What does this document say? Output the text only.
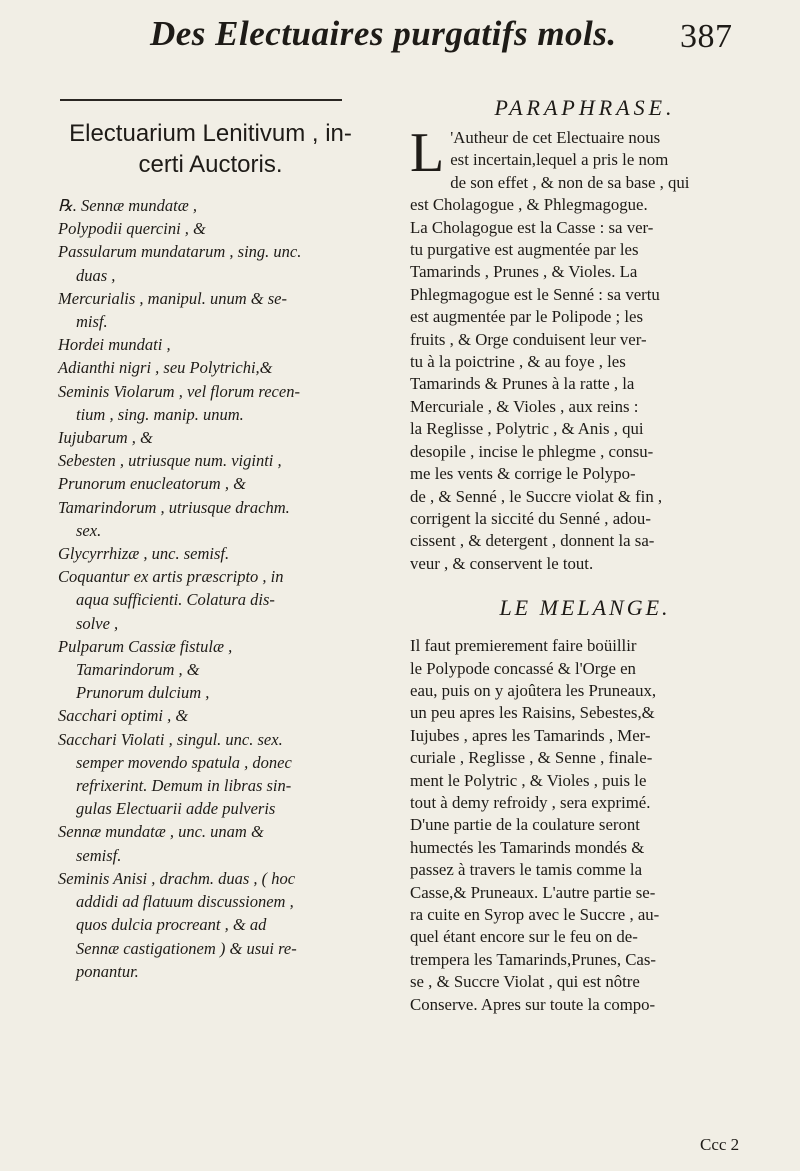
Des Electuaires purgatifs mols. 387
Electuarium Lenitivum , in-
certi Auctoris.
℞. Sennæ mundatæ ,
Polypodii quercini , &
Passularum mundatarum , sing. unc.
duas ,
Mercurialis , manipul. unum & se-
misf.
Hordei mundati ,
Adianthi nigri , seu Polytrichi,&
Seminis Violarum , vel florum recen-
tium , sing. manip. unum.
Iujubarum , &
Sebesten , utriusque num. viginti ,
Prunorum enucleatorum , &
Tamarindorum , utriusque drachm.
sex.
Glycyrrhizæ , unc. semisf.
Coquantur ex artis præscripto , in
aqua sufficienti. Colatura dis-
solve ,
Pulparum Cassiæ fistulæ ,
Tamarindorum , &
Prunorum dulcium ,
Sacchari optimi , &
Sacchari Violati , singul. unc. sex.
semper movendo spatula , donec
refrixerint. Demum in libras sin-
gulas Electuarii adde pulveris
Sennæ mundatæ , unc. unam &
semisf.
Seminis Anisi , drachm. duas , ( hoc
addidi ad flatuum discussionem ,
quos dulcia procreant , & ad
Sennæ castigationem ) & usui re-
ponantur.
PARAPHRASE.
L 'Autheur de cet Electuaire nous
est incertain,lequel a pris le nom
de son effet , & non de sa base , qui
est Cholagogue , & Phlegmagogue.
La Cholagogue est la Casse : sa ver-
tu purgative est augmentée par les
Tamarinds , Prunes , & Violes. La
Phlegmagogue est le Senné : sa vertu
est augmentée par le Polipode ; les
fruits , & Orge conduisent leur ver-
tu à la poictrine , & au foye , les
Tamarinds & Prunes à la ratte , la
Mercuriale , & Violes , aux reins :
la Reglisse , Polytric , & Anis , qui
desopile , incise le phlegme , consu-
me les vents & corrige le Polypo-
de , & Senné , le Succre violat & fin ,
corrigent la siccité du Senné , adou-
cissent , & detergent , donnent la sa-
veur , & conservent le tout.
LE MELANGE.
Il faut premierement faire boüillir
le Polypode concassé & l'Orge en
eau, puis on y ajoûtera les Pruneaux,
un peu apres les Raisins, Sebestes,&
Iujubes , apres les Tamarinds , Mer-
curiale , Reglisse , & Senne , finale-
ment le Polytric , & Violes , puis le
tout à demy refroidy , sera exprimé.
D'une partie de la coulature seront
humectés les Tamarinds mondés &
passez à travers le tamis comme la
Casse,& Pruneaux. L'autre partie se-
ra cuite en Syrop avec le Succre , au-
quel étant encore sur le feu on de-
trempera les Tamarinds,Prunes, Cas-
se , & Succre Violat , qui est nôtre
Conserve. Apres sur toute la compo-
Ccc 2
